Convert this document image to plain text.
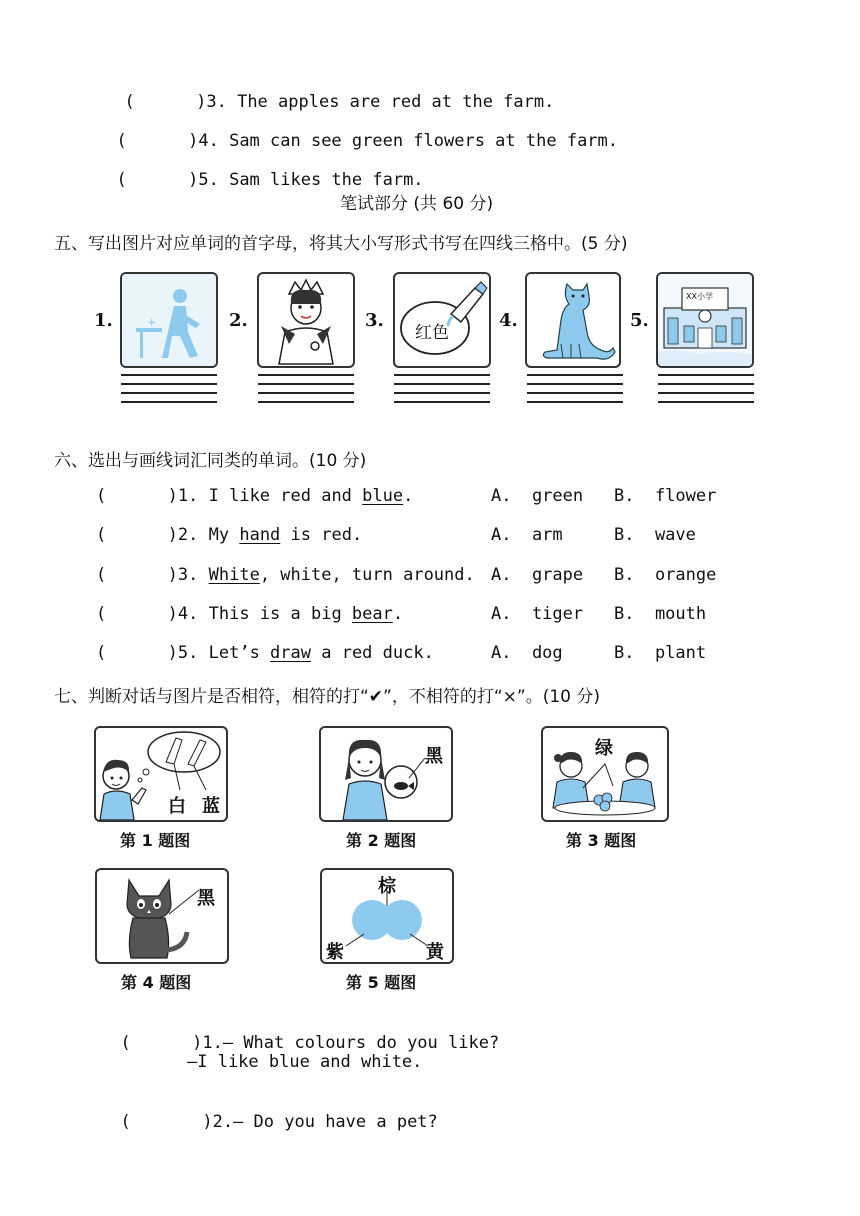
(      )3. The apples are red at the farm.

(      )4. Sam can see green flowers at the farm.

(      )5. Sam likes the farm.

笔试部分 (共 60 分)
五、写出图片对应单词的首字母，将其大小写形式书写在四线三格中。(5 分)
1.	+	2.	3.
红色
4.	5.
XX小学
六、选出与画线词汇同类的单词。(10 分)
(      )1. I like red and blue.	A.  green B.  flower
(      )2. My hand is red.	A.  arm	B.  wave
(      )3. White, white, turn around. A.  grape B.  orange
(      )4. This is a big bear.	A.  tiger B.  mouth
(      )5. Let’s draw a red duck.	A.  dog	B.  plant
七、判断对话与图片是否相符，相符的打“✔”，不相符的打“×”。(10 分)
白 蓝
第 1 题图
黑
第 2 题图
绿
第 3 题图
黑
第 4 题图
棕
紫	黄
第 5 题图

(      )1.— What colours do you like?

—I like blue and white.

(       )2.— Do you have a pet?
